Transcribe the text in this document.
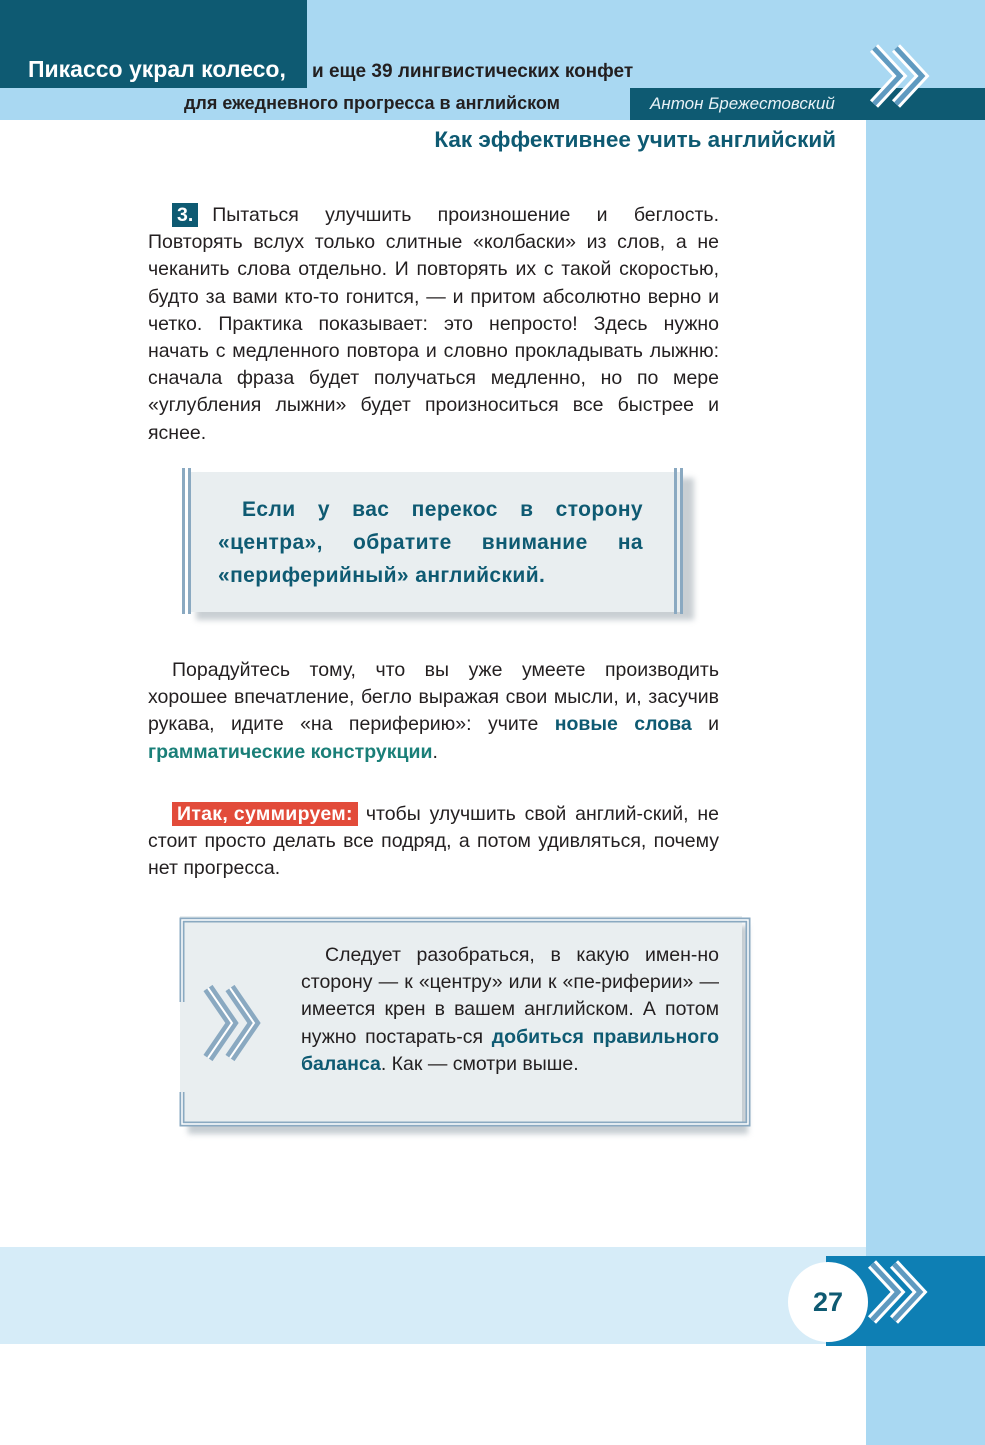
Пикассо украл колесо, и еще 39 лингвистических конфет
для ежедневного прогресса в английском	Антон Брежестовский
Как эффективнее учить английский
3. Пытаться улучшить произношение и беглость. Повторять вслух только слитные «колбаски» из слов, а не чеканить слова отдельно. И повторять их с такой скоростью, будто за вами кто-то гонится, — и притом абсолютно верно и четко. Практика показывает: это непросто! Здесь нужно начать с медленного повтора и словно прокладывать лыжню: сначала фраза будет получаться медленно, но по мере «углубления лыжни» будет произноситься все быстрее и яснее.
Если у вас перекос в сторону «центра», обратите внимание на «периферийный» английский.
Порадуйтесь тому, что вы уже умеете производить хорошее впечатление, бегло выражая свои мысли, и, засучив рукава, идите «на периферию»: учите новые слова и грамматические конструкции.
Итак, суммируем: чтобы улучшить свой англий-ский, не стоит просто делать все подряд, а потом удивляться, почему нет прогресса.
Следует разобраться, в какую имен-но сторону — к «центру» или к «пе-риферии» — имеется крен в вашем английском. А потом нужно постарать-ся добиться правильного баланса. Как — смотри выше.
27
